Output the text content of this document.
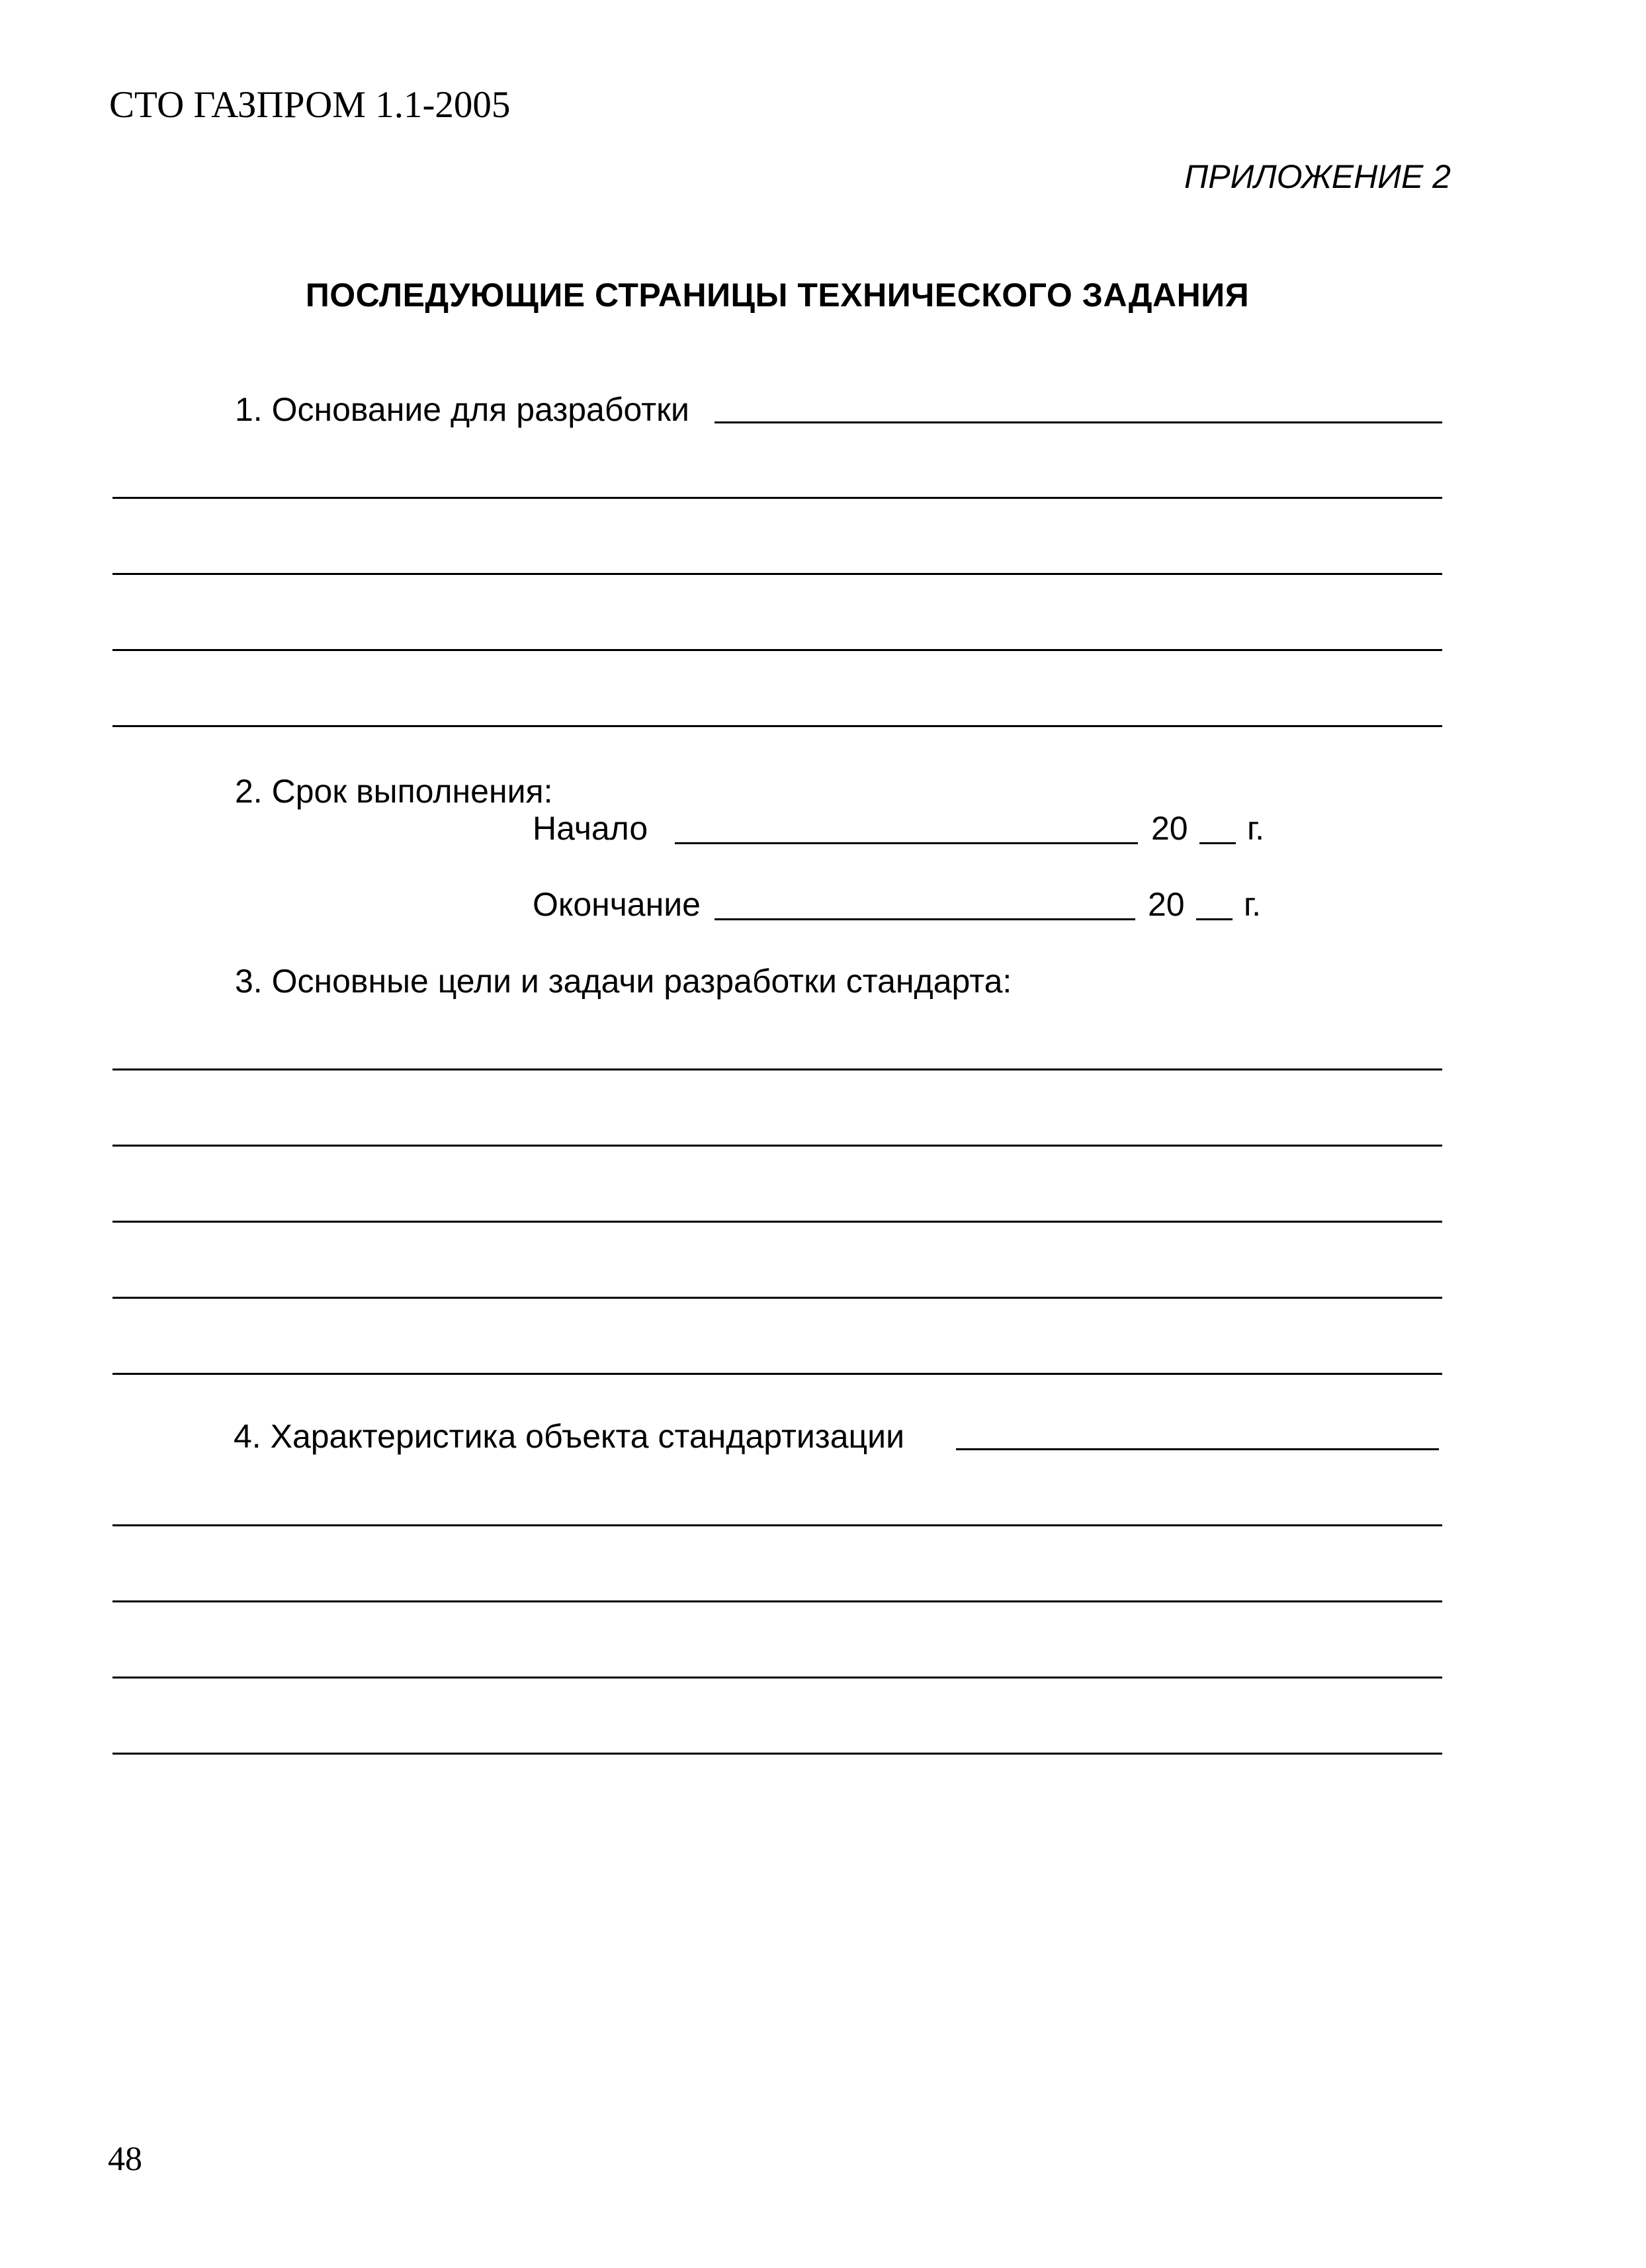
СТО ГАЗПРОМ 1.1-2005
ПРИЛОЖЕНИЕ 2
ПОСЛЕДУЮЩИЕ СТРАНИЦЫ ТЕХНИЧЕСКОГО ЗАДАНИЯ
1. Основание для разработки
2. Срок выполнения:
Начало	20 г.
Окончание	20 г.
3. Основные цели и задачи разработки стандарта:
4. Характеристика объекта стандартизации
48
